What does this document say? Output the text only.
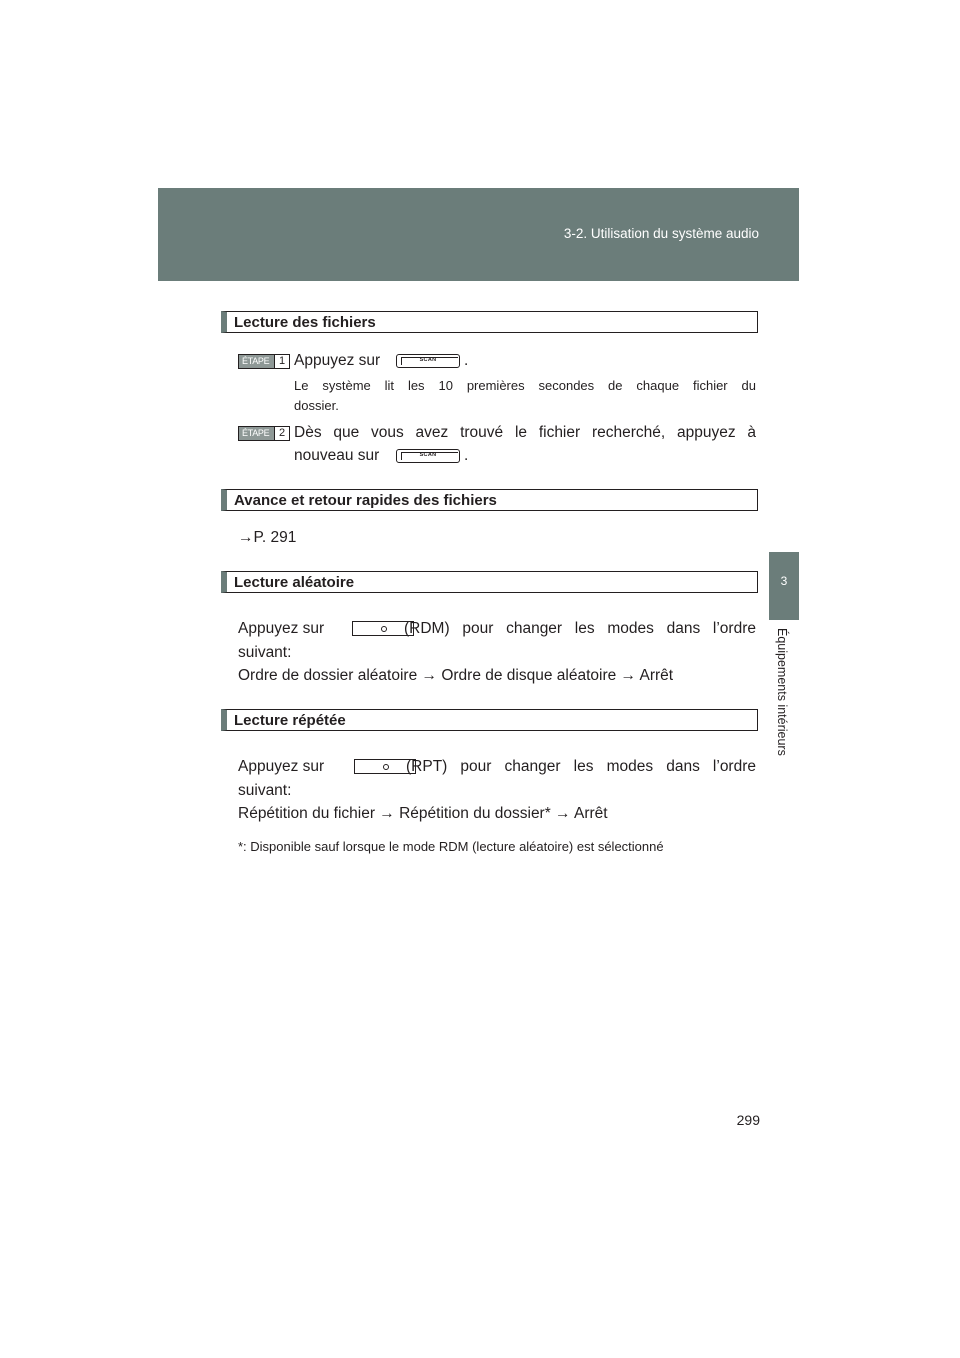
3-2. Utilisation du système audio
3
Équipements intérieurs
Lecture des fichiers
ÉTAPE 1 Appuyez sur	SCAN	.
Le système lit les 10 premières secondes de chaque fichier du
dossier.
ÉTAPE 2 Dès que vous avez trouvé le fichier recherché, appuyez à
nouveau sur	SCAN	.
Avance et retour rapides des fichiers
→P. 291
Lecture aléatoire
Appuyez sur	(RDM) pour changer les modes dans l’ordre
suivant:
Ordre de dossier aléatoire → Ordre de disque aléatoire → Arrêt
Lecture répétée
Appuyez sur	(RPT) pour changer les modes dans l’ordre
suivant:
Répétition du fichier → Répétition du dossier* → Arrêt
*: Disponible sauf lorsque le mode RDM (lecture aléatoire) est sélectionné
299
